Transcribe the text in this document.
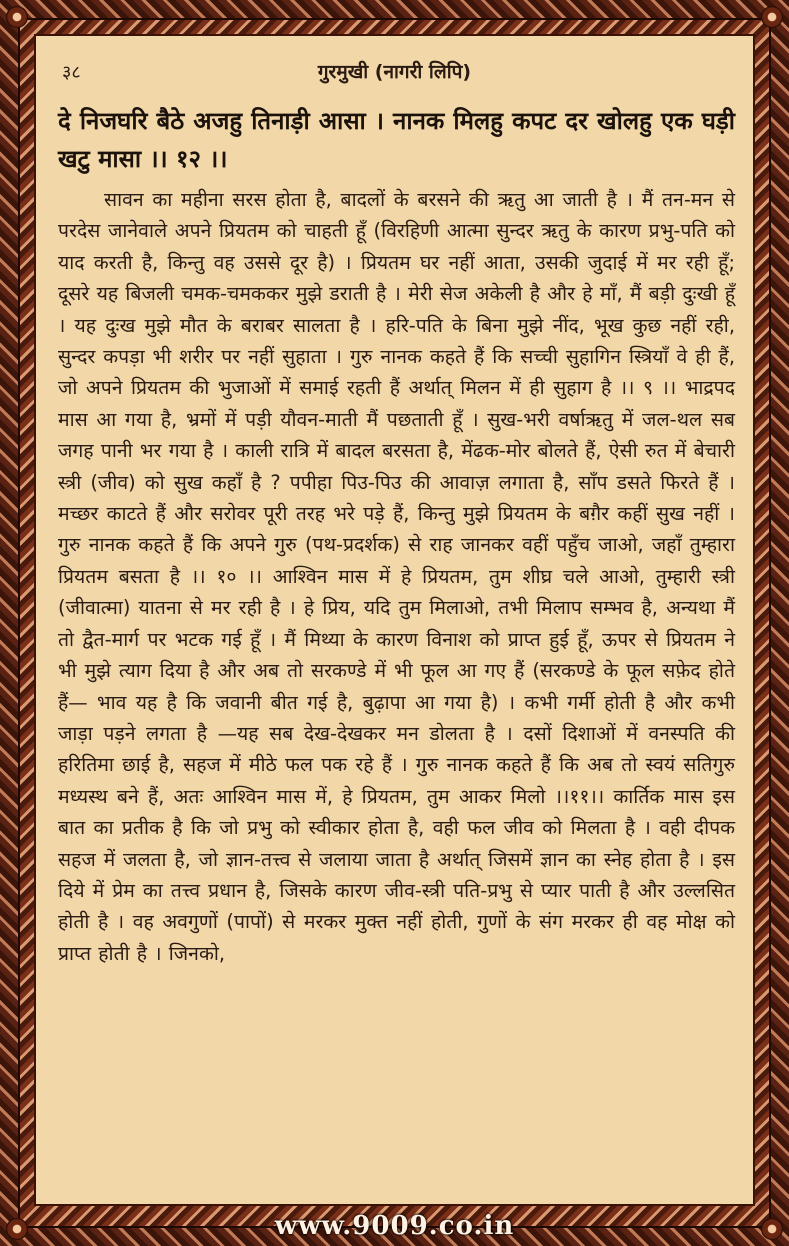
३८	गुरमुखी (नागरी लिपि)
दे निजघरि बैठे अजहु तिनाड़ी आसा । नानक मिलहु कपट दर खोलहु एक घड़ी खटु मासा ।। १२ ।।
सावन का महीना सरस होता है, बादलों के बरसने की ऋतु आ जाती है । मैं तन-मन से परदेस जानेवाले अपने प्रियतम को चाहती हूँ (विरहिणी आत्मा सुन्दर ऋतु के कारण प्रभु-पति को याद करती है, किन्तु वह उससे दूर है) । प्रियतम घर नहीं आता, उसकी जुदाई में मर रही हूँ; दूसरे यह बिजली चमक-चमककर मुझे डराती है । मेरी सेज अकेली है और हे माँ, मैं बड़ी दुःखी हूँ । यह दुःख मुझे मौत के बराबर सालता है । हरि-पति के बिना मुझे नींद, भूख कुछ नहीं रही, सुन्दर कपड़ा भी शरीर पर नहीं सुहाता । गुरु नानक कहते हैं कि सच्ची सुहागिन स्त्रियाँ वे ही हैं, जो अपने प्रियतम की भुजाओं में समाई रहती हैं अर्थात् मिलन में ही सुहाग है ।। ९ ।। भाद्रपद मास आ गया है, भ्रमों में पड़ी यौवन-माती मैं पछताती हूँ । सुख-भरी वर्षाऋतु में जल-थल सब जगह पानी भर गया है । काली रात्रि में बादल बरसता है, मेंढक-मोर बोलते हैं, ऐसी रुत में बेचारी स्त्री (जीव) को सुख कहाँ है ? पपीहा पिउ-पिउ की आवाज़ लगाता है, साँप डसते फिरते हैं । मच्छर काटते हैं और सरोवर पूरी तरह भरे पड़े हैं, किन्तु मुझे प्रियतम के बग़ैर कहीं सुख नहीं । गुरु नानक कहते हैं कि अपने गुरु (पथ-प्रदर्शक) से राह जानकर वहीं पहुँच जाओ, जहाँ तुम्हारा प्रियतम बसता है ।। १० ।। आश्विन मास में हे प्रियतम, तुम शीघ्र चले आओ, तुम्हारी स्त्री (जीवात्मा) यातना से मर रही है । हे प्रिय, यदि तुम मिलाओ, तभी मिलाप सम्भव है, अन्यथा मैं तो द्वैत-मार्ग पर भटक गई हूँ । मैं मिथ्या के कारण विनाश को प्राप्त हुई हूँ, ऊपर से प्रियतम ने भी मुझे त्याग दिया है और अब तो सरकण्डे में भी फूल आ गए हैं (सरकण्डे के फूल सफ़ेद होते हैं— भाव यह है कि जवानी बीत गई है, बुढ़ापा आ गया है) । कभी गर्मी होती है और कभी जाड़ा पड़ने लगता है —यह सब देख-देखकर मन डोलता है । दसों दिशाओं में वनस्पति की हरितिमा छाई है, सहज में मीठे फल पक रहे हैं । गुरु नानक कहते हैं कि अब तो स्वयं सतिगुरु मध्यस्थ बने हैं, अतः आश्विन मास में, हे प्रियतम, तुम आकर मिलो ।।११।। कार्तिक मास इस बात का प्रतीक है कि जो प्रभु को स्वीकार होता है, वही फल जीव को मिलता है । वही दीपक सहज में जलता है, जो ज्ञान-तत्त्व से जलाया जाता है अर्थात् जिसमें ज्ञान का स्नेह होता है । इस दिये में प्रेम का तत्त्व प्रधान है, जिसके कारण जीव-स्त्री पति-प्रभु से प्यार पाती है और उल्लसित होती है । वह अवगुणों (पापों) से मरकर मुक्त नहीं होती, गुणों के संग मरकर ही वह मोक्ष को प्राप्त होती है । जिनको,
www.9009.co.in
